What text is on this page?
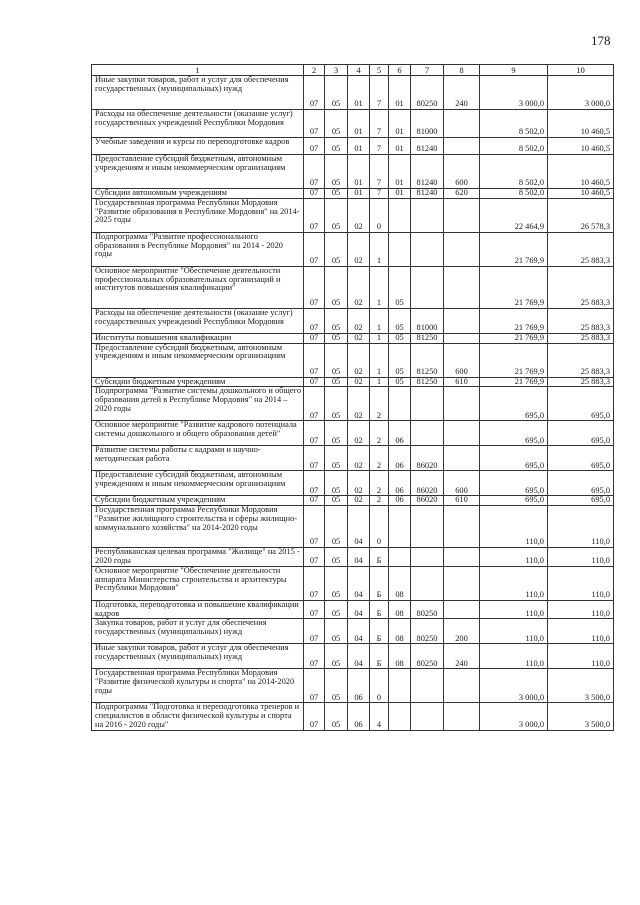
178
1	2	3	4	5	6	7	8	9	10
Иные закупки товаров, работ и услуг для обеспечения государственных (муниципальных) нужд	07	05	01	7	01	80250	240	3 000,0	3 000,0
Расходы на обеспечение деятельности (оказание услуг) государственных учреждений Республики Мордовия	07	05	01	7	01	81000		8 502,0	10 460,5
Учебные заведения и курсы по переподготовке кадров	07	05	01	7	01	81240		8 502,0	10 460,5
Предоставление субсидий бюджетным, автономным учреждениям и иным некоммерческим организациям	07	05	01	7	01	81240	600	8 502,0	10 460,5
Субсидии автономным учреждениям	07	05	01	7	01	81240	620	8 502,0	10 460,5
Государственная программа Республики Мордовия "Развитие образования в Республике Мордовия" на 2014-2025 годы	07	05	02	0				22 464,9	26 578,3
Подпрограмма "Развитие профессионального образования в Республике Мордовия" на 2014 - 2020 годы	07	05	02	1				21 769,9	25 883,3
Основное мероприятие "Обеспечение деятельности профессиональных образовательных организаций и институтов повышения квалификации"	07	05	02	1	05			21 769,9	25 883,3
Расходы на обеспечение деятельности (оказание услуг) государственных учреждений Республики Мордовия	07	05	02	1	05	81000		21 769,9	25 883,3
Институты повышения квалификации	07	05	02	1	05	81250		21 769,9	25 883,3
Предоставление субсидий бюджетным, автономным учреждениям и иным некоммерческим организациям	07	05	02	1	05	81250	600	21 769,9	25 883,3
Субсидии бюджетным учреждениям	07	05	02	1	05	81250	610	21 769,9	25 883,3
Подпрограмма "Развитие системы дошкольного и общего образования детей в Республике Мордовия" на 2014 – 2020 годы	07	05	02	2				695,0	695,0
Основное мероприятие "Развитие кадрового потенциала системы дошкольного и общего образования детей"	07	05	02	2	06			695,0	695,0
Развитие системы работы с кадрами и научно-методическая работа	07	05	02	2	06	86020		695,0	695,0
Предоставление субсидий бюджетным, автономным учреждениям и иным некоммерческим организациям	07	05	02	2	06	86020	600	695,0	695,0
Субсидии бюджетным учреждениям	07	05	02	2	06	86020	610	695,0	695,0
Государственная программа Республики Мордовия "Развитие жилищного строительства и сферы жилищно-коммунального хозяйства" на 2014-2020 годы	07	05	04	0				110,0	110,0
Республиканская целевая программа "Жилище" на 2015 - 2020 годы	07	05	04	Б				110,0	110,0
Основное мероприятие "Обеспечение деятельности аппарата Министерства строительства и архитектуры Республики Мордовия"	07	05	04	Б	08			110,0	110,0
Подготовка, переподготовка и повышение квалификации кадров	07	05	04	Б	08	80250		110,0	110,0
Закупка товаров, работ и услуг для обеспечения государственных (муниципальных) нужд	07	05	04	Б	08	80250	200	110,0	110,0
Иные закупки товаров, работ и услуг для обеспечения государственных (муниципальных) нужд	07	05	04	Б	08	80250	240	110,0	110,0
Государственная программа Республики Мордовия "Развитие физической культуры и спорта" на 2014-2020 годы	07	05	06	0				3 000,0	3 500,0
Подпрограмма "Подготовка и переподготовка тренеров и специалистов в области физической культуры и спорта на 2016 - 2020 годы"	07	05	06	4				3 000,0	3 500,0
